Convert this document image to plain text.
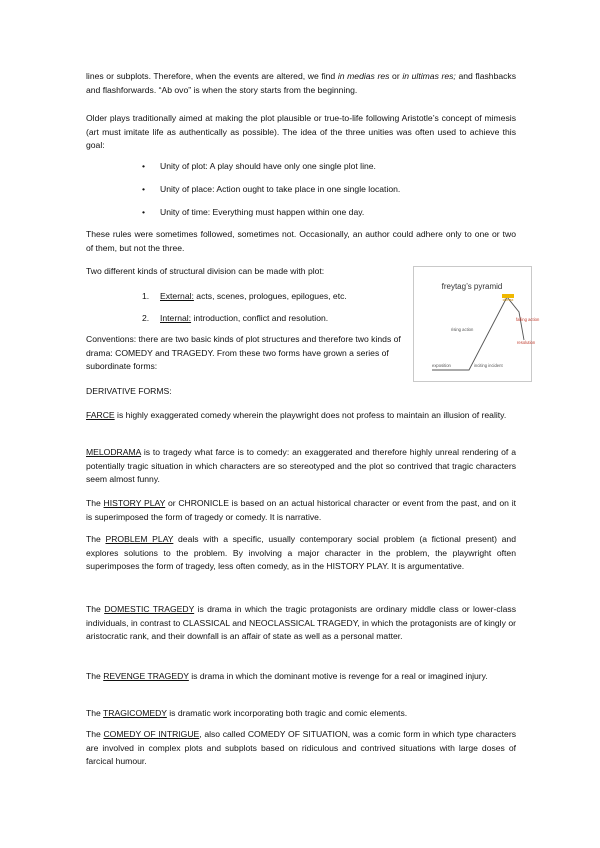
lines or subplots. Therefore, when the events are altered, we find in medias res or in ultimas res; and flashbacks and flashforwards. “Ab ovo” is when the story starts from the beginning.

Older plays traditionally aimed at making the plot plausible or true-to-life following Aristotle’s concept of mimesis (art must imitate life as authentically as possible). The idea of the three unities was often used to achieve this goal:

• Unity of plot: A play should have only one single plot line.
• Unity of place: Action ought to take place in one single location.
• Unity of time: Everything must happen within one day.

These rules were sometimes followed, sometimes not. Occasionally, an author could adhere only to one or two of them, but not the three.

Two different kinds of structural division can be made with plot:

1. External: acts, scenes, prologues, epilogues, etc.
2. Internal: introduction, conflict and resolution.

Conventions: there are two basic kinds of plot structures and therefore two kinds of drama: COMEDY and TRAGEDY. From these two forms have grown a series of subordinate forms:

freytag’s pyramid
climax
rising action
falling action
resolution
exposition	inciting incident

DERIVATIVE FORMS:

FARCE is highly exaggerated comedy wherein the playwright does not profess to maintain an illusion of reality.

MELODRAMA is to tragedy what farce is to comedy: an exaggerated and therefore highly unreal rendering of a potentially tragic situation in which characters are so stereotyped and the plot so contrived that tragic characters seem almost funny.

The HISTORY PLAY or CHRONICLE is based on an actual historical character or event from the past, and on it is superimposed the form of tragedy or comedy. It is narrative.

The PROBLEM PLAY deals with a specific, usually contemporary social problem (a fictional present) and explores solutions to the problem. By involving a major character in the problem, the playwright often superimposes the form of tragedy, less often comedy, as in the HISTORY PLAY. It is argumentative.

The DOMESTIC TRAGEDY is drama in which the tragic protagonists are ordinary middle class or lower-class individuals, in contrast to CLASSICAL and NEOCLASSICAL TRAGEDY, in which the protagonists are of kingly or aristocratic rank, and their downfall is an affair of state as well as a personal matter.

The REVENGE TRAGEDY is drama in which the dominant motive is revenge for a real or imagined injury.

The TRAGICOMEDY is dramatic work incorporating both tragic and comic elements.

The COMEDY OF INTRIGUE, also called COMEDY OF SITUATION, was a comic form in which type characters are involved in complex plots and subplots based on ridiculous and contrived situations with large doses of farcical humour.
